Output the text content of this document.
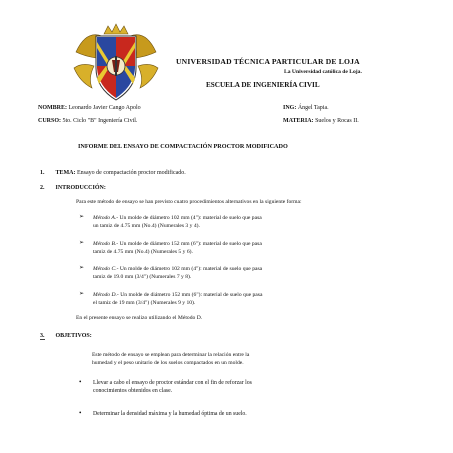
UNIVERSIDAD TÉCNICA PARTICULAR DE LOJA
La Universidad católica de Loja.
ESCUELA DE INGENIERÍA CIVIL
NOMBRE: Leonardo Javier Cango Apolo	ING: Ángel Tapia.
CURSO: 5to. Ciclo "B" Ingeniería Civil.	MATERIA: Suelos y Rocas II.
INFORME DEL ENSAYO DE COMPACTACIÓN PROCTOR MODIFICADO
1. TEMA: Ensayo de compactación proctor modificado.
2. INTRODUCCIÓN:
Para este método de ensayo se han previsto cuatro procedimientos alternativos en la siguiente forma:
➢ Método A.- Un molde de diámetro 102 mm (4"): material de suelo que pasa
un tamiz de 4.75 mm (No.4) (Numerales 3 y 4).
➢ Método B.- Un molde de diámetro 152 mm (6"): material de suelo que pasa
tamiz de 4.75 mm (No.4) (Numerales 5 y 6).
➢ Método C.- Un molde de diámetro 102 mm (4"): material de suelo que pasa
tamiz de 19.0 mm (3/4") (Numerales 7 y 8).
➢ Método D.- Un molde de diámetro 152 mm (6"): material de suelo que pasa
el tamiz de 19 mm (3/4") (Numerales 9 y 10).
En el presente ensayo se realizo utilizando el Método D.
3. OBJETIVOS:
Este método de ensayo se emplean para determinar la relación entre la
humedad y el peso unitario de los suelos compactados en un molde.
• Llevar a cabo el ensayo de proctor estándar con el fin de reforzar los
conocimientos obtenidos en clase.
• Determinar la densidad máxima y la humedad óptima de un suelo.
